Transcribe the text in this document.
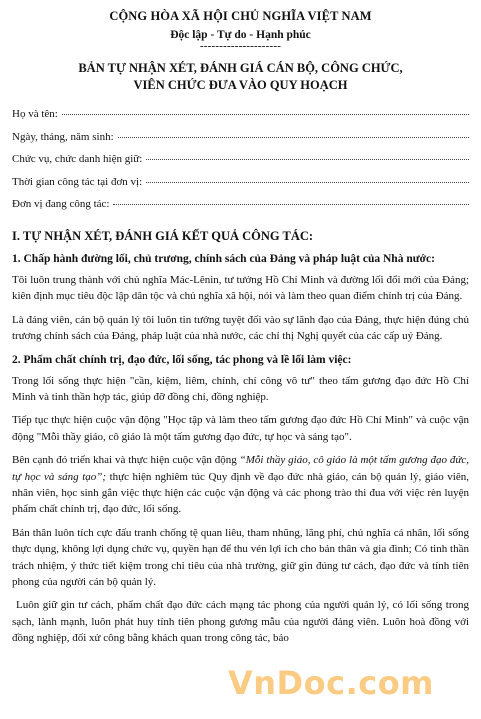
CỘNG HÒA XÃ HỘI CHỦ NGHĨA VIỆT NAM
Độc lập - Tự do - Hạnh phúc
---------------------
BẢN TỰ NHẬN XÉT, ĐÁNH GIÁ CÁN BỘ, CÔNG CHỨC,
VIÊN CHỨC ĐƯA VÀO QUY HOẠCH
Họ và tên:
Ngày, tháng, năm sinh:
Chức vụ, chức danh hiện giữ:
Thời gian công tác tại đơn vị:
Đơn vị đang công tác:
I. TỰ NHẬN XÉT, ĐÁNH GIÁ KẾT QUẢ CÔNG TÁC:
1. Chấp hành đường lối, chủ trương, chính sách của Đảng và pháp luật của Nhà nước:
Tôi luôn trung thành với chủ nghĩa Mác-Lênin, tư tưởng Hồ Chí Minh và đường lối đổi mới của Đảng; kiên định mục tiêu độc lập dân tộc và chủ nghĩa xã hội, nói và làm theo quan điểm chính trị của Đảng.
Là đảng viên, cán bộ quản lý tôi luôn tin tưởng tuyệt đối vào sự lãnh đạo của Đảng, thực hiện đúng chủ trương chính sách của Đảng, pháp luật của nhà nước, các chỉ thị Nghị quyết của các cấp uỷ Đảng.
2. Phẩm chất chính trị, đạo đức, lối sống, tác phong và lề lối làm việc:
Trong lối sống thực hiện "cần, kiệm, liêm, chính, chí công vô tư" theo tấm gương đạo đức Hồ Chí Minh và tinh thần hợp tác, giúp đỡ đồng chí, đồng nghiệp.
Tiếp tục thực hiện cuộc vận động "Học tập và làm theo tấm gương đạo đức Hồ Chí Minh" và cuộc vận động "Mỗi thầy giáo, cô giáo là một tấm gương đạo đức, tự học và sáng tạo".
Bên cạnh đó triển khai và thực hiện cuộc vận động “Mỗi thầy giáo, cô giáo là một tấm gương đạo đức, tự học và sáng tạo”; thực hiện nghiêm túc Quy định về đạo đức nhà giáo, cán bộ quản lý, giáo viên, nhân viên, học sinh gắn việc thực hiện các cuộc vận động và các phong trào thi đua với việc rèn luyện phẩm chất chính trị, đạo đức, lối sống.
Bản thân luôn tích cực đấu tranh chống tệ quan liêu, tham nhũng, lãng phí, chủ nghĩa cá nhân, lối sống thực dụng, không lợi dụng chức vụ, quyền hạn để thu vén lợi ích cho bản thân và gia đình; Có tinh thần trách nhiệm, ý thức tiết kiệm trong chi tiêu của nhà trường, giữ gìn đúng tư cách, đạo đức và tính tiên phong của người cán bộ quản lý.
Luôn giữ gìn tư cách, phẩm chất đạo đức cách mạng tác phong của người quản lý, có lối sống trong sạch, lành mạnh, luôn phát huy tính tiên phong gương mẫu của người đảng viên. Luôn hoà đồng với đồng nghiệp, đối xử công bằng khách quan trong công tác, bảo
VnDoc.com
